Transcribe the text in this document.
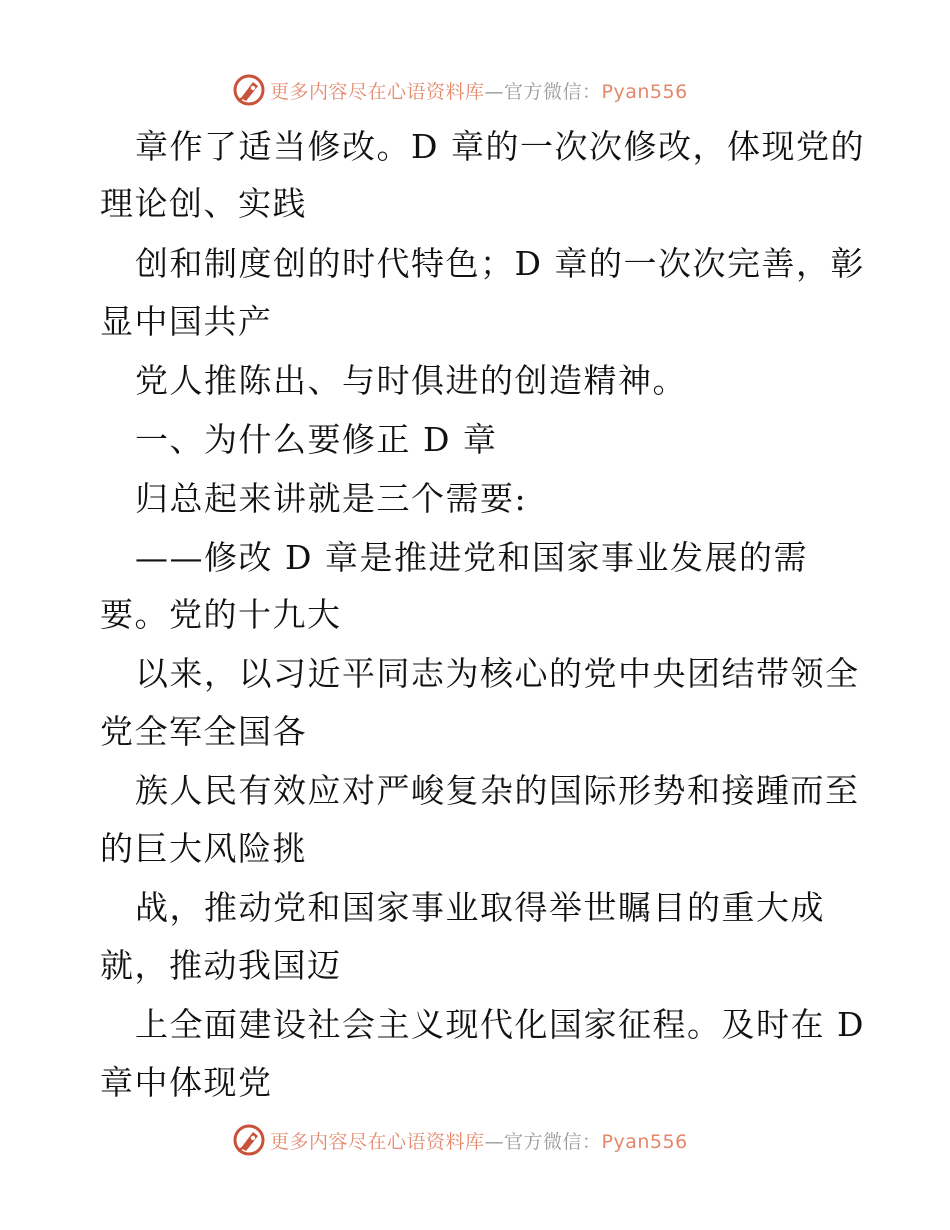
更多内容尽在心语资料库—官方微信：Pyan556
章作了适当修改。D 章的一次次修改，体现党的
理论创、实践
创和制度创的时代特色；D 章的一次次完善，彰
显中国共产
党人推陈出、与时俱进的创造精神。
一、为什么要修正 D 章
归总起来讲就是三个需要:
——修改 D 章是推进党和国家事业发展的需
要。党的十九大
以来，以习近平同志为核心的党中央团结带领全
党全军全国各
族人民有效应对严峻复杂的国际形势和接踵而至
的巨大风险挑
战，推动党和国家事业取得举世瞩目的重大成
就，推动我国迈
上全面建设社会主义现代化国家征程。及时在 D
章中体现党
更多内容尽在心语资料库—官方微信：Pyan556
